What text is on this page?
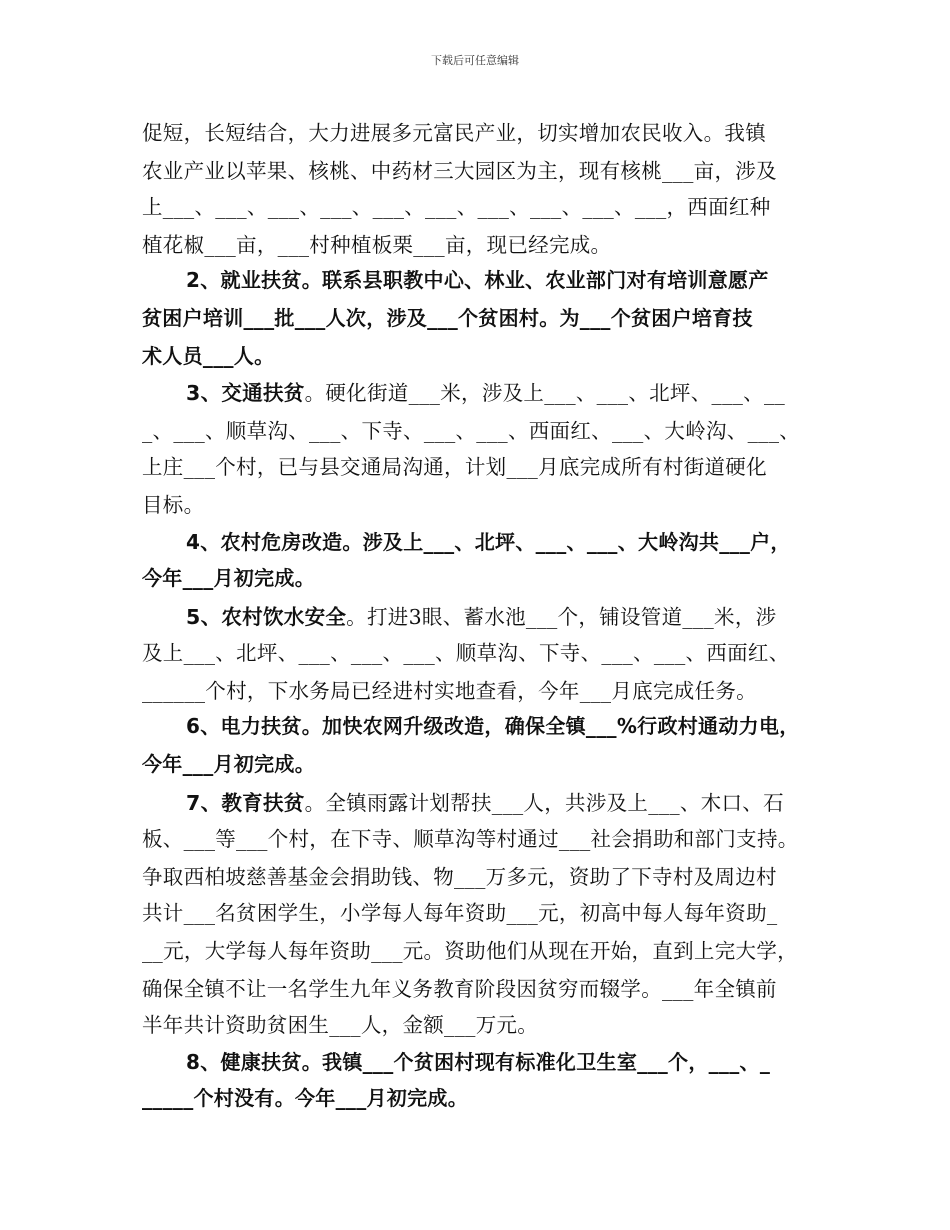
下载后可任意编辑
促短，长短结合，大力进展多元富民产业，切实增加农民收入。我镇
农业产业以苹果、核桃、中药材三大园区为主，现有核桃___亩，涉及
上___、___、___、___、___、___、___、___、___、___，西面红种
植花椒___亩，___村种植板栗___亩，现已经完成。
2、就业扶贫。联系县职教中心、林业、农业部门对有培训意愿产
贫困户培训___批___人次，涉及___个贫困村。为___个贫困户培育技
术人员___人。
3、交通扶贫。硬化街道___米，涉及上___、___、北坪、___、__
_、___、顺草沟、___、下寺、___、___、西面红、___、大岭沟、___、
上庄___个村，已与县交通局沟通，计划___月底完成所有村街道硬化
目标。
4、农村危房改造。涉及上___、北坪、___、___、大岭沟共___户，
今年___月初完成。
5、农村饮水安全。打进3眼、蓄水池___个，铺设管道___米，涉
及上___、北坪、___、___、___、顺草沟、下寺、___、___、西面红、
______个村，下水务局已经进村实地查看，今年___月底完成任务。
6、电力扶贫。加快农网升级改造，确保全镇___%行政村通动力电，
今年___月初完成。
7、教育扶贫。全镇雨露计划帮扶___人，共涉及上___、木口、石
板、___等___个村，在下寺、顺草沟等村通过___社会捐助和部门支持。
争取西柏坡慈善基金会捐助钱、物___万多元，资助了下寺村及周边村
共计___名贫困学生，小学每人每年资助___元，初高中每人每年资助_
__元，大学每人每年资助___元。资助他们从现在开始，直到上完大学，
确保全镇不让一名学生九年义务教育阶段因贫穷而辍学。___年全镇前
半年共计资助贫困生___人，金额___万元。
8、健康扶贫。我镇___个贫困村现有标准化卫生室___个，___、_
_____个村没有。今年___月初完成。
